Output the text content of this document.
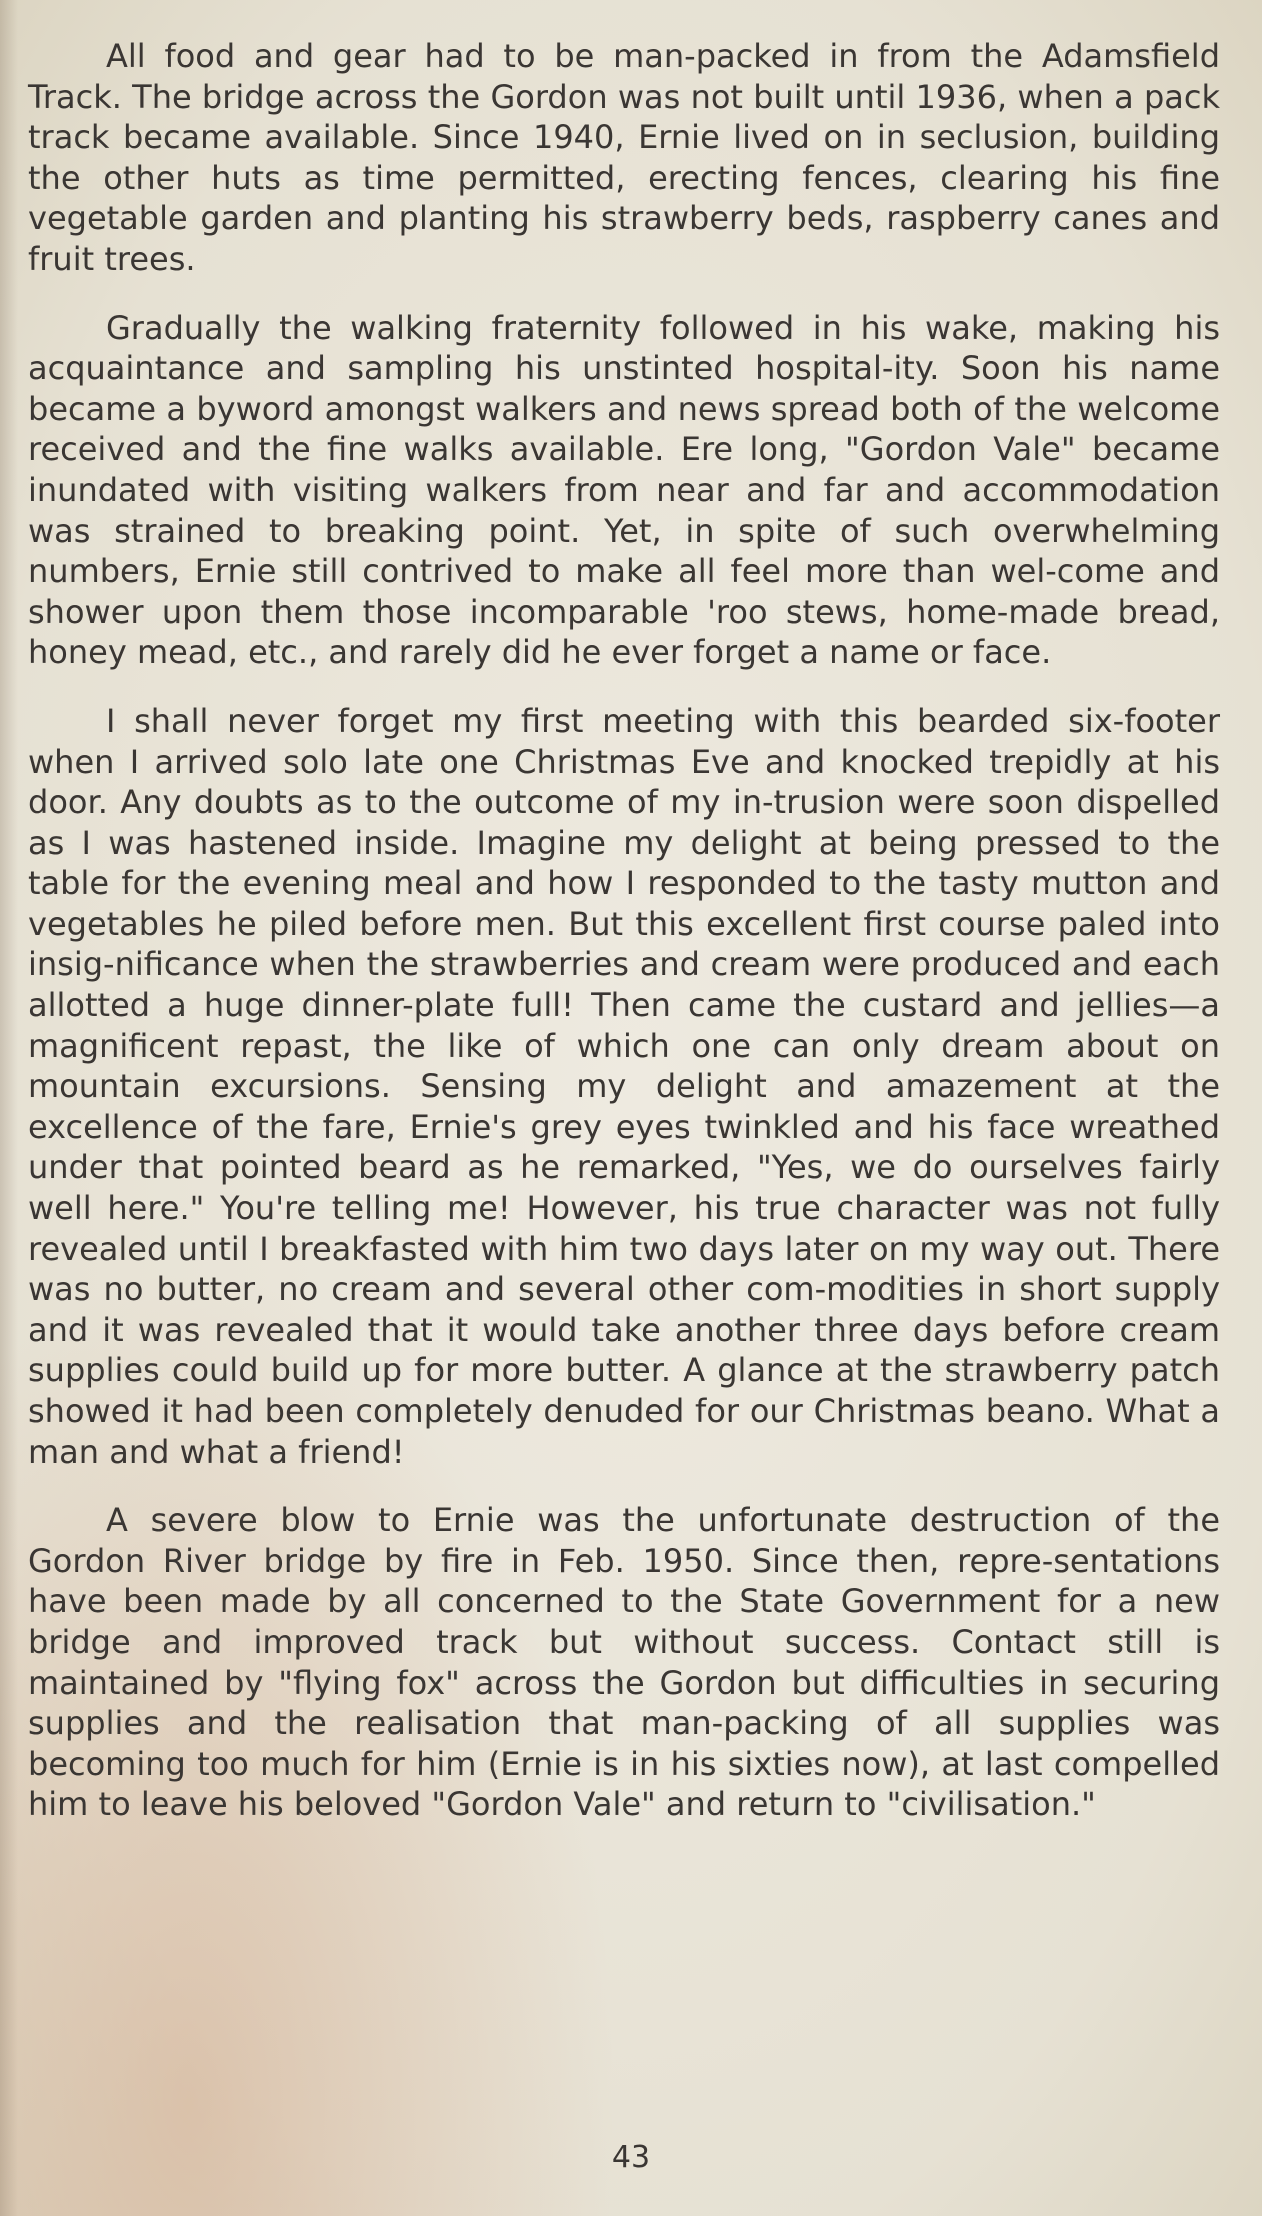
All food and gear had to be man-packed in from the Adamsfield Track. The bridge across the Gordon was not built until 1936, when a pack track became available. Since 1940, Ernie lived on in seclusion, building the other huts as time permitted, erecting fences, clearing his fine vegetable garden and planting his strawberry beds, raspberry canes and fruit trees.

Gradually the walking fraternity followed in his wake, making his acquaintance and sampling his unstinted hospital-ity. Soon his name became a byword amongst walkers and news spread both of the welcome received and the fine walks available. Ere long, "Gordon Vale" became inundated with visiting walkers from near and far and accommodation was strained to breaking point. Yet, in spite of such overwhelming numbers, Ernie still contrived to make all feel more than wel-come and shower upon them those incomparable 'roo stews, home-made bread, honey mead, etc., and rarely did he ever forget a name or face.

I shall never forget my first meeting with this bearded six-footer when I arrived solo late one Christmas Eve and knocked trepidly at his door. Any doubts as to the outcome of my in-trusion were soon dispelled as I was hastened inside. Imagine my delight at being pressed to the table for the evening meal and how I responded to the tasty mutton and vegetables he piled before men. But this excellent first course paled into insig-nificance when the strawberries and cream were produced and each allotted a huge dinner-plate full! Then came the custard and jellies—a magnificent repast, the like of which one can only dream about on mountain excursions. Sensing my delight and amazement at the excellence of the fare, Ernie's grey eyes twinkled and his face wreathed under that pointed beard as he remarked, "Yes, we do ourselves fairly well here." You're telling me! However, his true character was not fully revealed until I breakfasted with him two days later on my way out. There was no butter, no cream and several other com-modities in short supply and it was revealed that it would take another three days before cream supplies could build up for more butter. A glance at the strawberry patch showed it had been completely denuded for our Christmas beano. What a man and what a friend!

A severe blow to Ernie was the unfortunate destruction of the Gordon River bridge by fire in Feb. 1950. Since then, repre-sentations have been made by all concerned to the State Government for a new bridge and improved track but without success. Contact still is maintained by "flying fox" across the Gordon but difficulties in securing supplies and the realisation that man-packing of all supplies was becoming too much for him (Ernie is in his sixties now), at last compelled him to leave his beloved "Gordon Vale" and return to "civilisation."

43
